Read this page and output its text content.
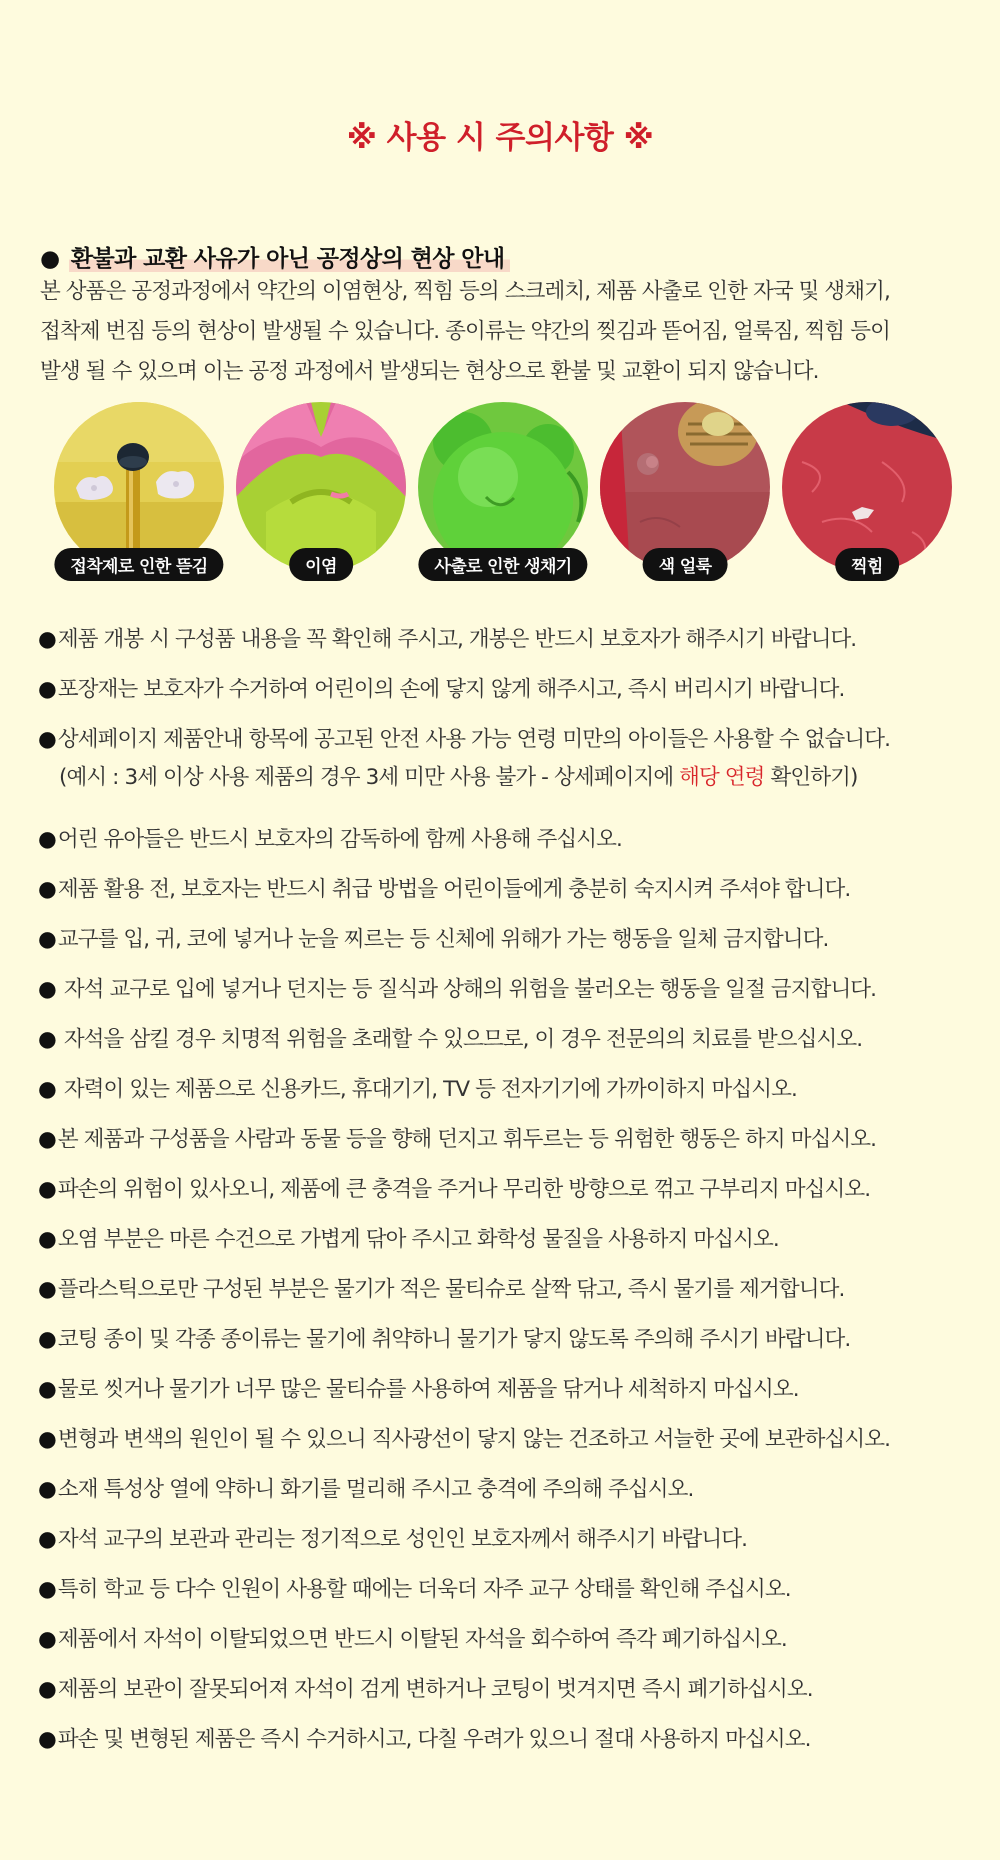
※ 사용 시 주의사항 ※
● 환불과 교환 사유가 아닌 공정상의 현상 안내
본 상품은 공정과정에서 약간의 이염현상, 찍힘 등의 스크레치, 제품 사출로 인한 자국 및 생채기,
접착제 번짐 등의 현상이 발생될 수 있습니다. 종이류는 약간의 찢김과 뜯어짐, 얼룩짐, 찍힘 등이
발생 될 수 있으며 이는 공정 과정에서 발생되는 현상으로 환불 및 교환이 되지 않습니다.
접착제로 인한 뜯김	이염	사출로 인한 생채기	색 얼룩	찍힘
●제품 개봉 시 구성품 내용을 꼭 확인해 주시고, 개봉은 반드시 보호자가 해주시기 바랍니다.
●포장재는 보호자가 수거하여 어린이의 손에 닿지 않게 해주시고, 즉시 버리시기 바랍니다.
●상세페이지 제품안내 항목에 공고된 안전 사용 가능 연령 미만의 아이들은 사용할 수 없습니다.
(예시 : 3세 이상 사용 제품의 경우 3세 미만 사용 불가 - 상세페이지에 해당 연령 확인하기)
●어린 유아들은 반드시 보호자의 감독하에 함께 사용해 주십시오.
●제품 활용 전, 보호자는 반드시 취급 방법을 어린이들에게 충분히 숙지시켜 주셔야 합니다.
●교구를 입, 귀, 코에 넣거나 눈을 찌르는 등 신체에 위해가 가는 행동을 일체 금지합니다.
● 자석 교구로 입에 넣거나 던지는 등 질식과 상해의 위험을 불러오는 행동을 일절 금지합니다.
● 자석을 삼킬 경우 치명적 위험을 초래할 수 있으므로, 이 경우 전문의의 치료를 받으십시오.
● 자력이 있는 제품으로 신용카드, 휴대기기, TV 등 전자기기에 가까이하지 마십시오.
●본 제품과 구성품을 사람과 동물 등을 향해 던지고 휘두르는 등 위험한 행동은 하지 마십시오.
●파손의 위험이 있사오니, 제품에 큰 충격을 주거나 무리한 방향으로 꺾고 구부리지 마십시오.
●오염 부분은 마른 수건으로 가볍게 닦아 주시고 화학성 물질을 사용하지 마십시오.
●플라스틱으로만 구성된 부분은 물기가 적은 물티슈로 살짝 닦고, 즉시 물기를 제거합니다.
●코팅 종이 및 각종 종이류는 물기에 취약하니 물기가 닿지 않도록 주의해 주시기 바랍니다.
●물로 씻거나 물기가 너무 많은 물티슈를 사용하여 제품을 닦거나 세척하지 마십시오.
●변형과 변색의 원인이 될 수 있으니 직사광선이 닿지 않는 건조하고 서늘한 곳에 보관하십시오.
●소재 특성상 열에 약하니 화기를 멀리해 주시고 충격에 주의해 주십시오.
●자석 교구의 보관과 관리는 정기적으로 성인인 보호자께서 해주시기 바랍니다.
●특히 학교 등 다수 인원이 사용할 때에는 더욱더 자주 교구 상태를 확인해 주십시오.
●제품에서 자석이 이탈되었으면 반드시 이탈된 자석을 회수하여 즉각 폐기하십시오.
●제품의 보관이 잘못되어져 자석이 검게 변하거나 코팅이 벗겨지면 즉시 폐기하십시오.
●파손 및 변형된 제품은 즉시 수거하시고, 다칠 우려가 있으니 절대 사용하지 마십시오.
